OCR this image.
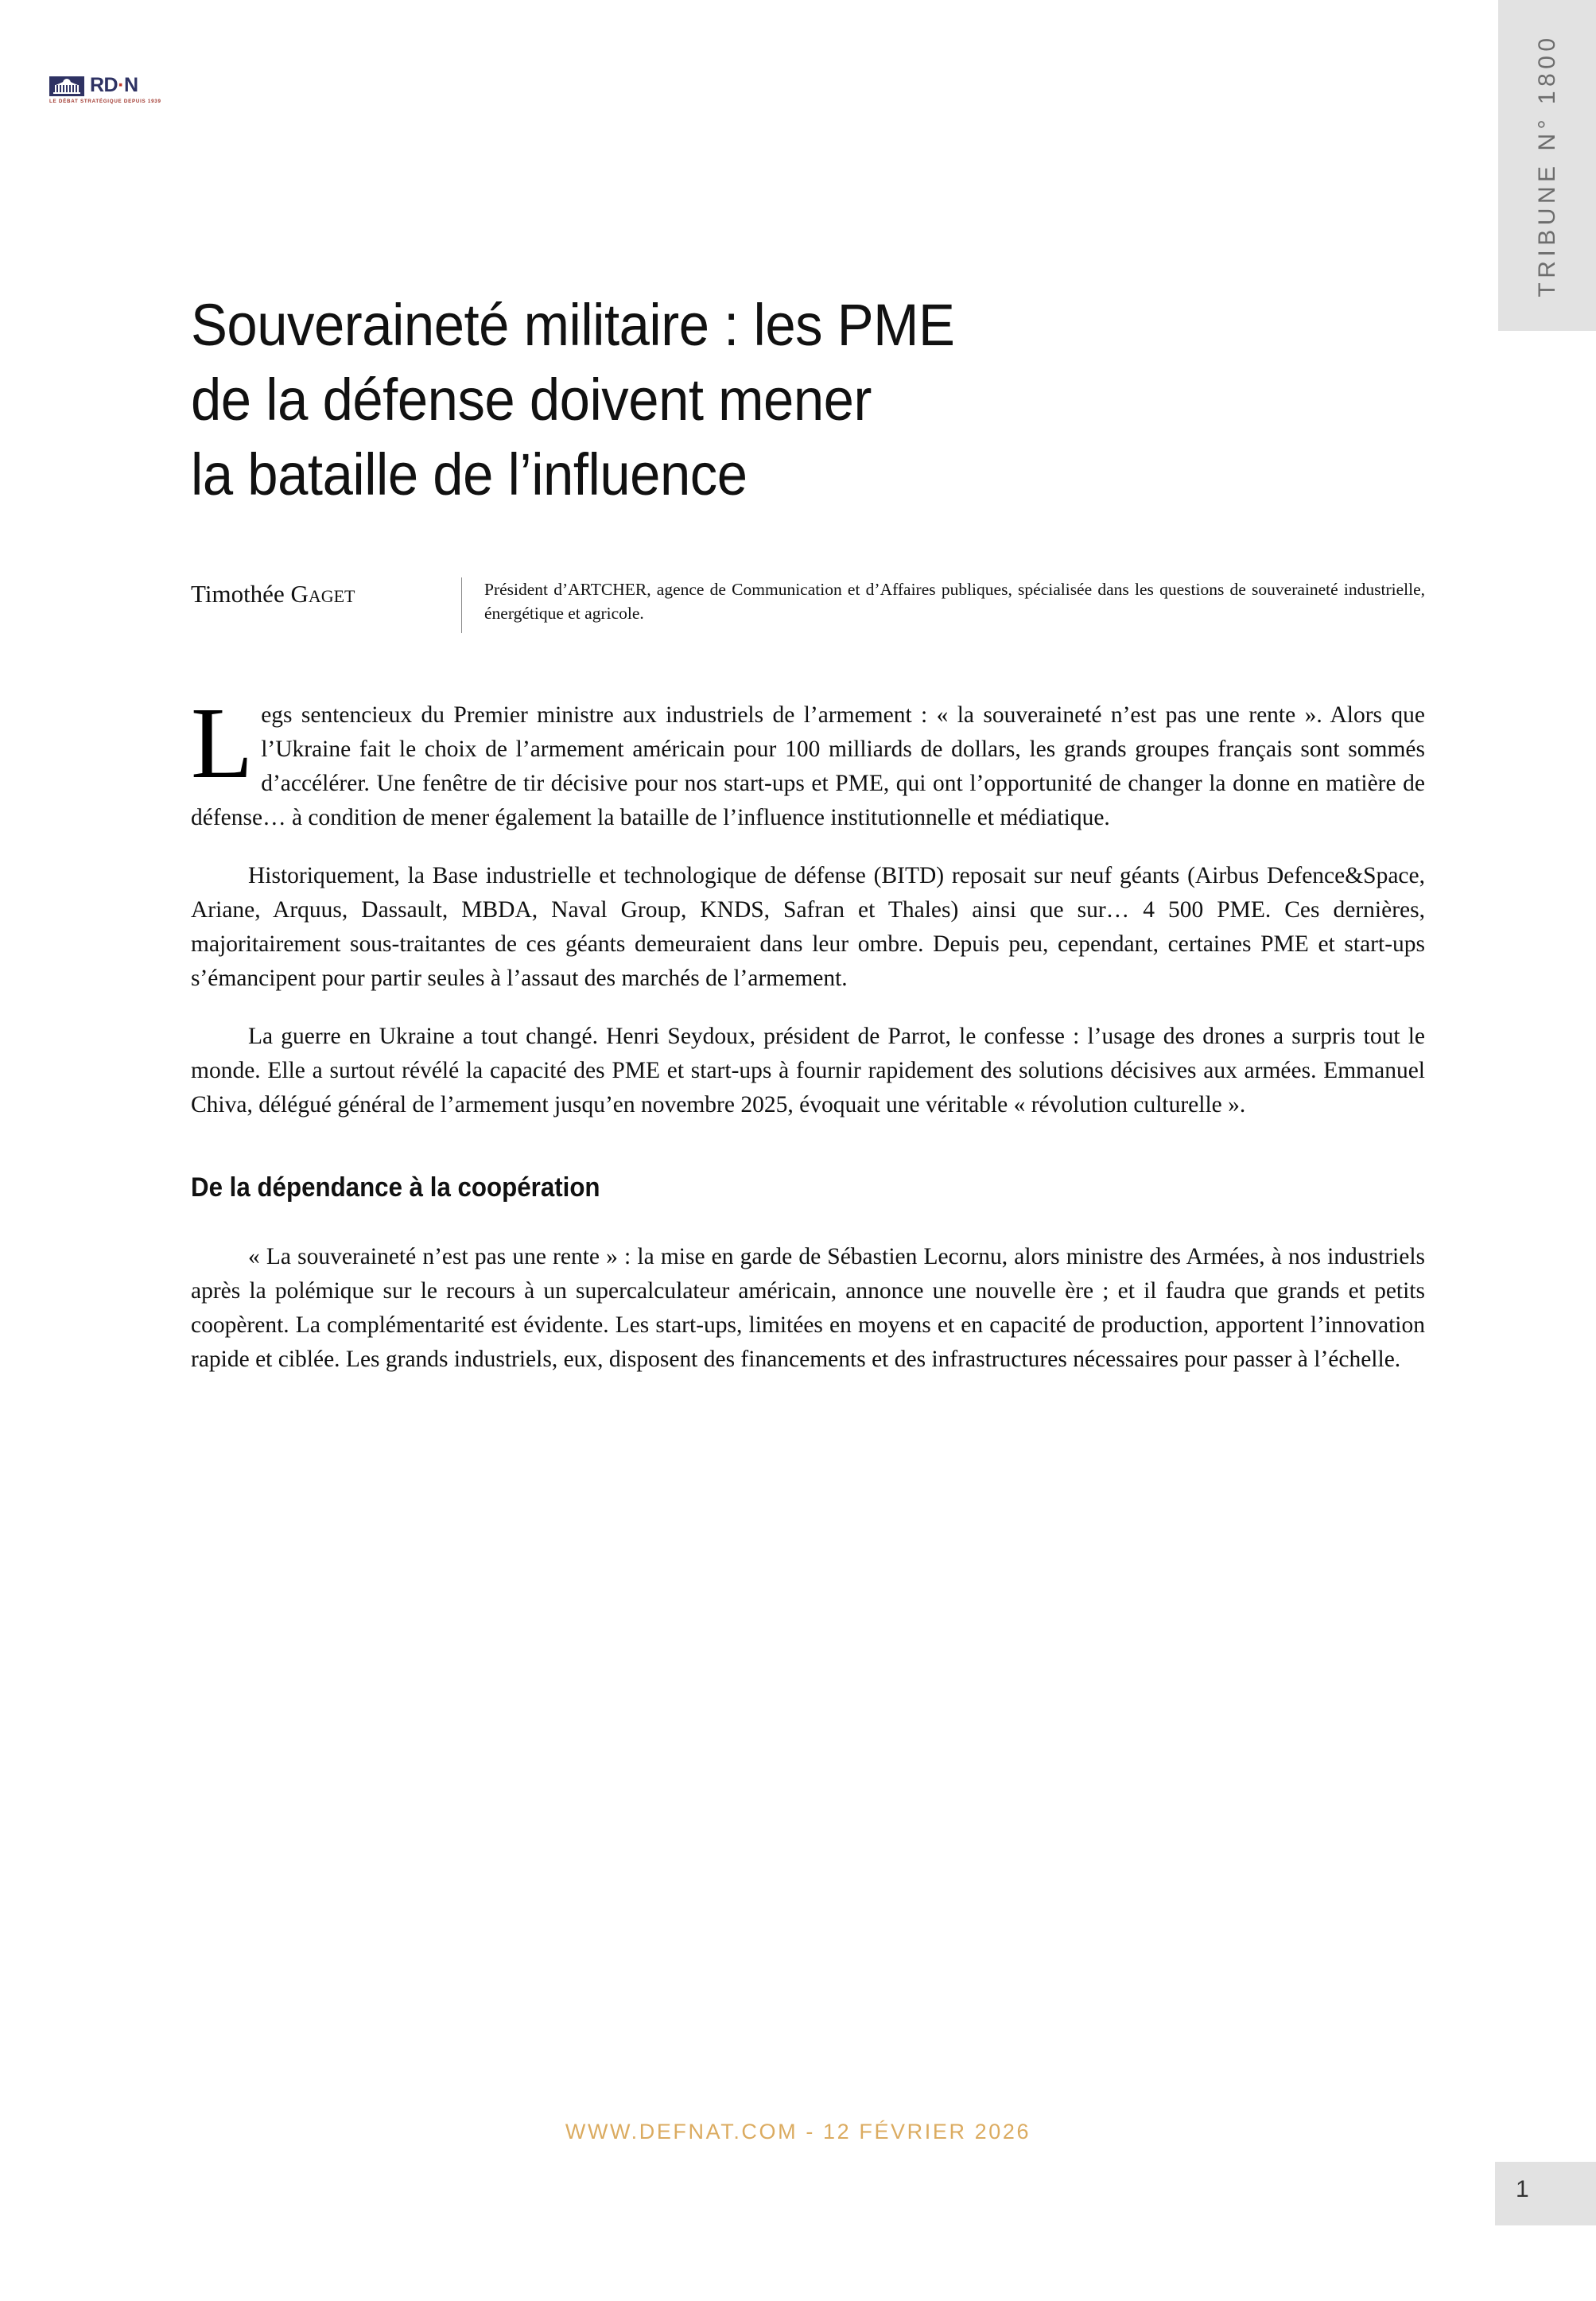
TRIBUNE N° 1800
RD·N
LE DÉBAT STRATÉGIQUE DEPUIS 1939
Souveraineté militaire : les PME
de la défense doivent mener
la bataille de l’influence
Timothée Gaget	Président d’ARTCHER, agence de Communication et d’Affaires publiques, spécialisée dans les questions de souveraineté industrielle, énergétique et agricole.

Legs sentencieux du Premier ministre aux industriels de l’armement : « la souveraineté n’est pas une rente ». Alors que l’Ukraine fait le choix de l’armement américain pour 100 milliards de dollars, les grands groupes français sont sommés d’accélérer. Une fenêtre de tir décisive pour nos start-ups et PME, qui ont l’opportunité de changer la donne en matière de défense… à condition de mener également la bataille de l’influence institutionnelle et médiatique.

Historiquement, la Base industrielle et technologique de défense (BITD) reposait sur neuf géants (Airbus Defence&Space, Ariane, Arquus, Dassault, MBDA, Naval Group, KNDS, Safran et Thales) ainsi que sur… 4 500 PME. Ces dernières, majoritairement sous-traitantes de ces géants demeuraient dans leur ombre. Depuis peu, cependant, certaines PME et start-ups s’émancipent pour partir seules à l’assaut des marchés de l’armement.

La guerre en Ukraine a tout changé. Henri Seydoux, président de Parrot, le confesse : l’usage des drones a surpris tout le monde. Elle a surtout révélé la capacité des PME et start-ups à fournir rapidement des solutions décisives aux armées. Emmanuel Chiva, délégué général de l’armement jusqu’en novembre 2025, évoquait une véritable « révolution culturelle ».

De la dépendance à la coopération

« La souveraineté n’est pas une rente » : la mise en garde de Sébastien Lecornu, alors ministre des Armées, à nos industriels après la polémique sur le recours à un supercalculateur américain, annonce une nouvelle ère ; et il faudra que grands et petits coopèrent. La complémentarité est évidente. Les start-ups, limitées en moyens et en capacité de production, apportent l’innovation rapide et ciblée. Les grands industriels, eux, disposent des financements et des infrastructures nécessaires pour passer à l’échelle.

WWW.DEFNAT.COM - 12 FÉVRIER 2026
1
